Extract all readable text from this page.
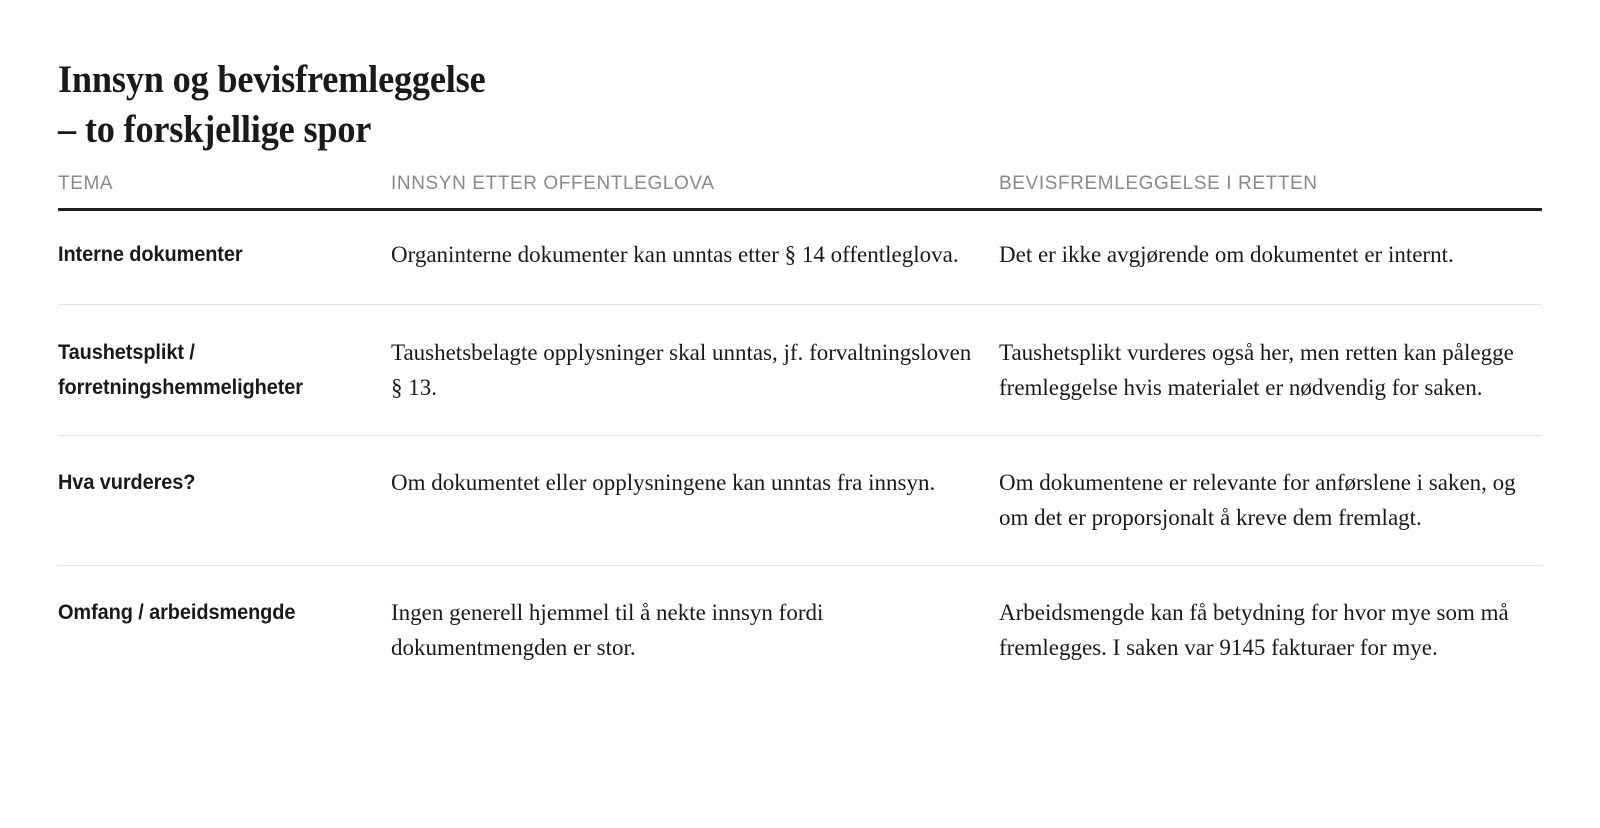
Innsyn og bevisfremleggelse
– to forskjellige spor
TEMA	INNSYN ETTER OFFENTLEGLOVA	BEVISFREMLEGGELSE I RETTEN
Interne dokumenter	Organinterne dokumenter kan unntas etter § 14 offentleglova.	Det er ikke avgjørende om dokumentet er internt.

Taushetsplikt /
forretningshemmeligheter	Taushetsbelagte opplysninger skal unntas, jf. forvaltningsloven § 13.	Taushetsplikt vurderes også her, men retten kan pålegge
fremleggelse hvis materialet er nødvendig for saken.

Hva vurderes?	Om dokumentet eller opplysningene kan unntas fra innsyn.	Om dokumentene er relevante for anførslene i saken, og
om det er proporsjonalt å kreve dem fremlagt.

Omfang / arbeidsmengde	Ingen generell hjemmel til å nekte innsyn fordi dokumentmengden er stor.	Arbeidsmengde kan få betydning for hvor mye som må
fremlegges. I saken var 9145 fakturaer for mye.
